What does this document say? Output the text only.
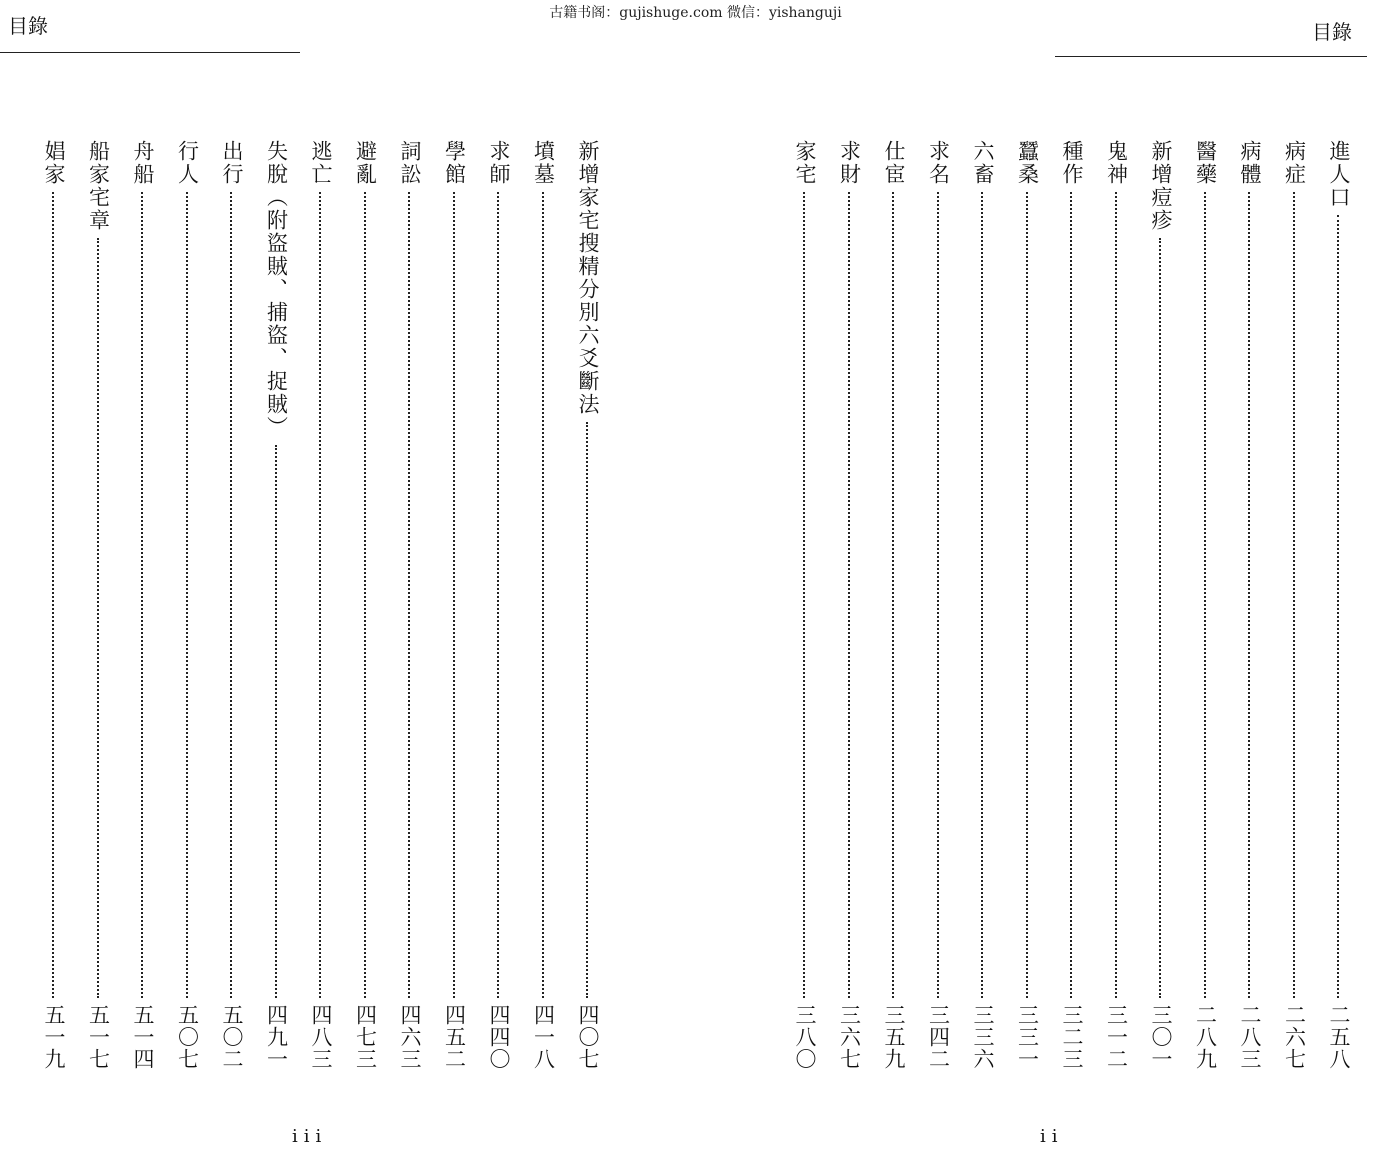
古籍书阁：gujishuge.com 微信：yishanguji
目錄
iii
新增家宅搜精分別六爻斷法
四〇七
墳墓
四一八
求師
四四〇
學館
四五二
詞訟
四六三
避亂
四七三
逃亡
四八三
失脫（附盜賊、捕盜、捉賊）
四九一
出行
五〇二
行人
五〇七
舟船
五一四
船家宅章
五一七
娼家
五一九
目錄
ii
進人口
二五八
病症
二六七
病體
二八三
醫藥
二八九
新增痘疹
三〇一
鬼神
三一二
種作
三二三
蠶桑
三三一
六畜
三三六
求名
三四二
仕宦
三五九
求財
三六七
家宅
三八〇
